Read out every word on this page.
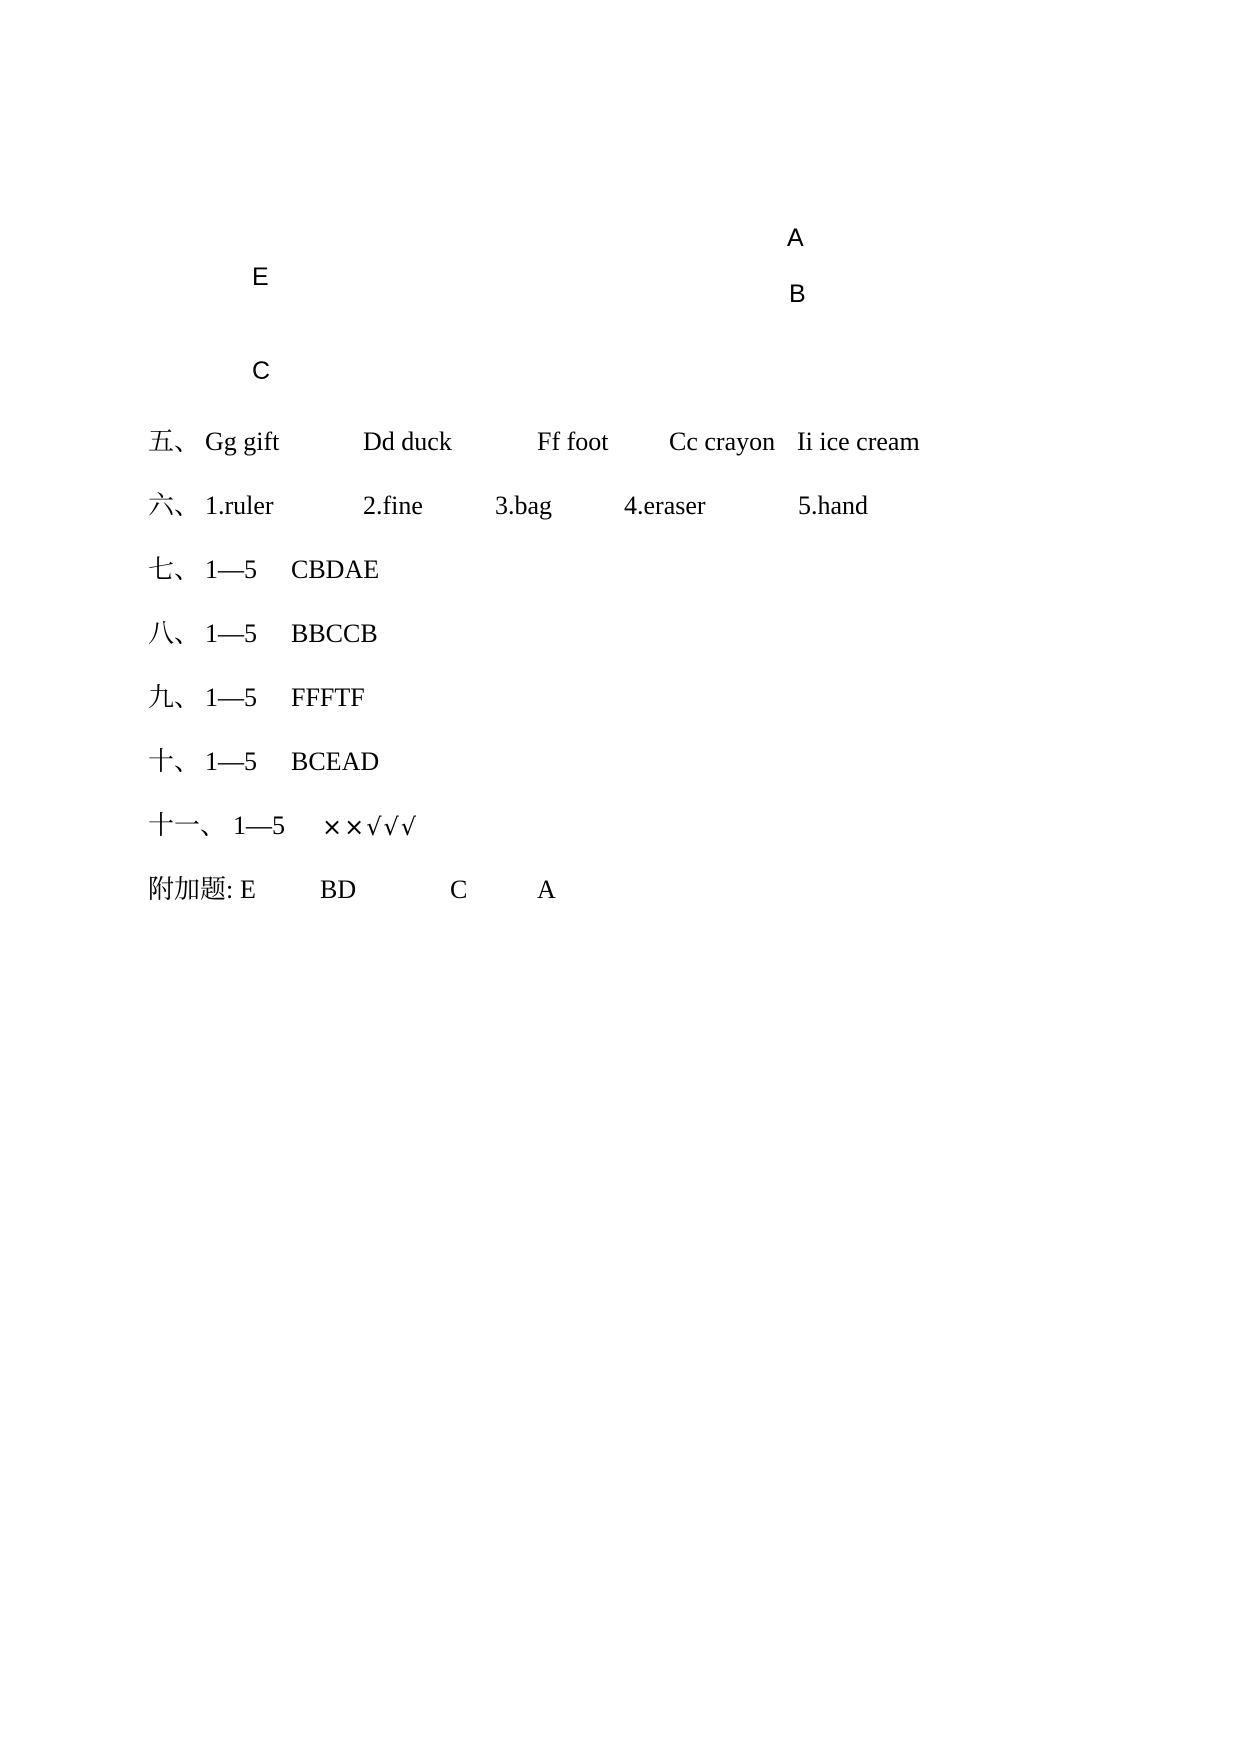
A
E
B
C
五、 Gg gift	Dd duck	Ff foot Cc crayon Ii ice cream
六、 1.ruler	2.fine	3.bag	4.eraser	5.hand
七、 1—5 CBDAE
八、 1—5 BBCCB
九、 1—5 FFFTF
十、 1—5 BCEAD
十一、 1—5 ××√√√
附加题: E BD	C	A
